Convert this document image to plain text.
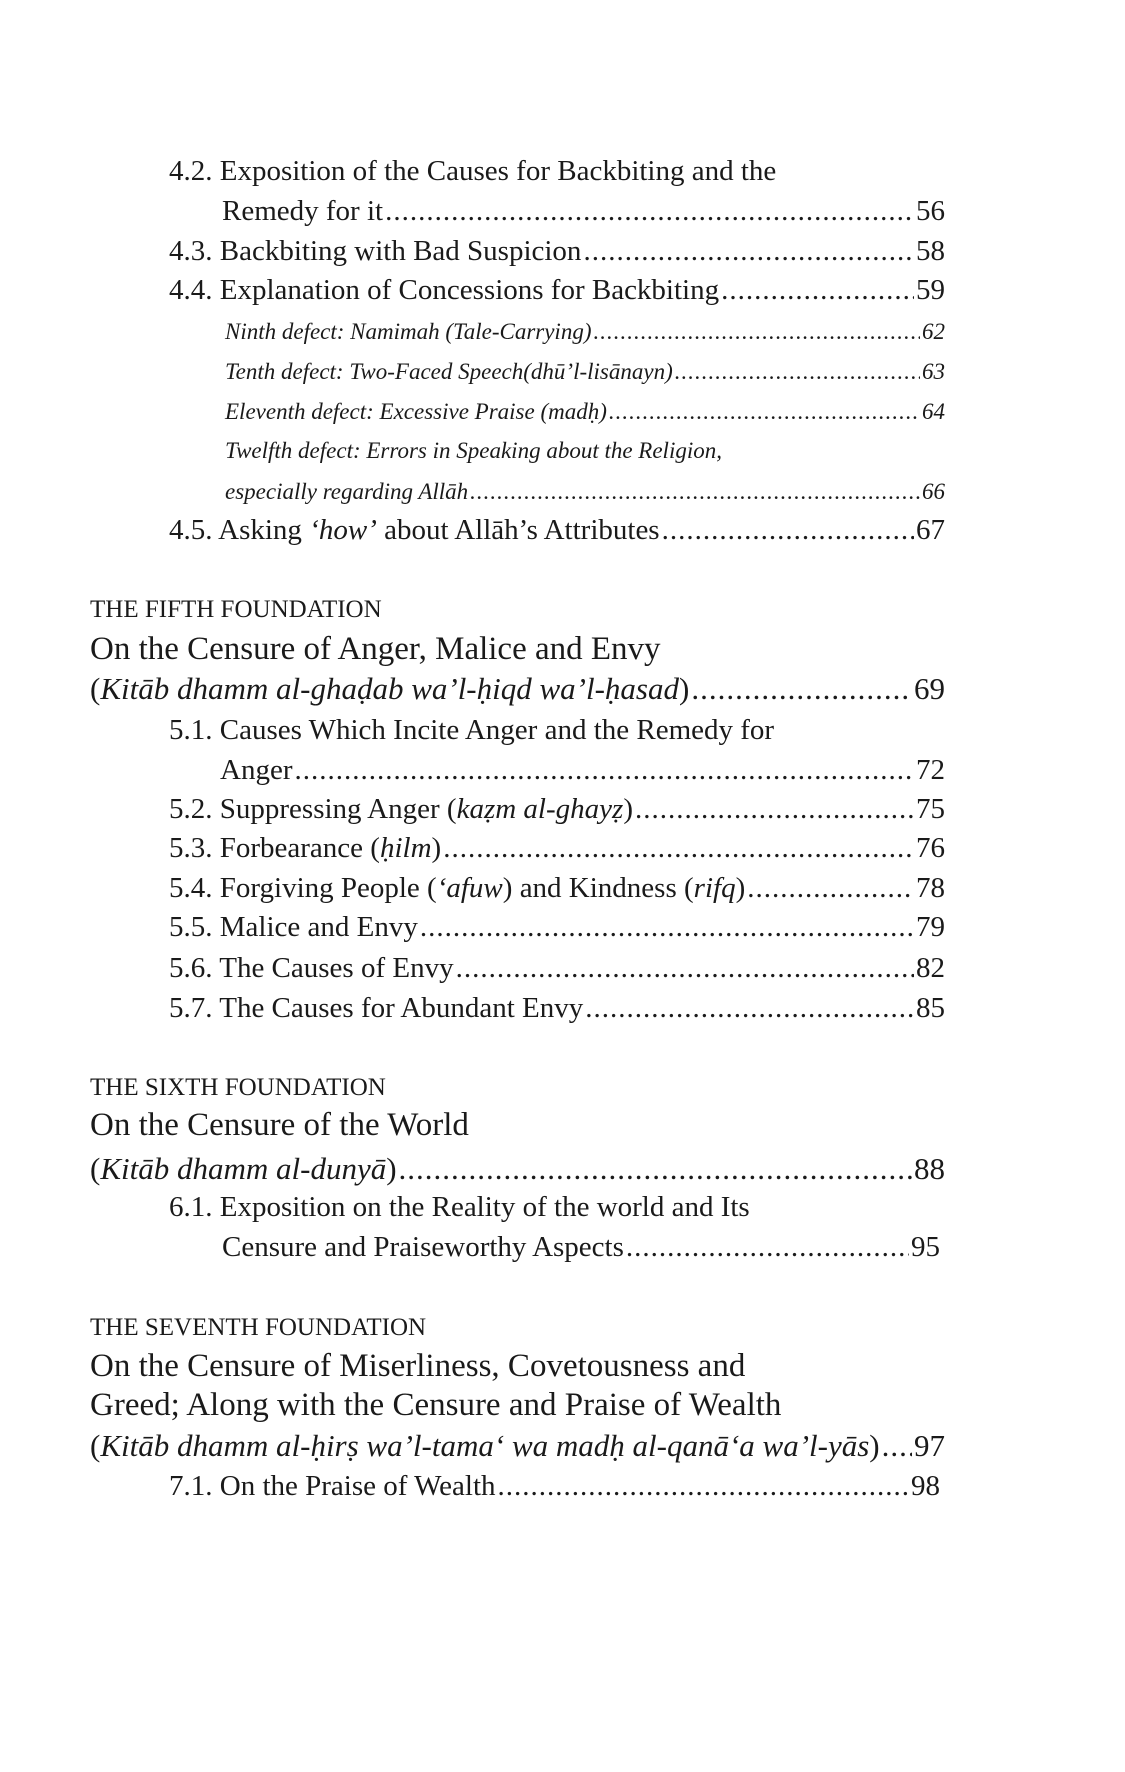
4.2. Exposition of the Causes for Backbiting and the
Remedy for it .....	56
4.3. Backbiting with Bad Suspicion .....	58
4.4. Explanation of Concessions for Backbiting .....	59
Ninth defect: Namimah (Tale-Carrying) .....	62
Tenth defect: Two-Faced Speech(dhū’l-lisānayn) .....	63
Eleventh defect: Excessive Praise (madḥ) .....	64
Twelfth defect: Errors in Speaking about the Religion,
especially regarding Allāh .....	66
4.5. Asking ‘how’ about Allāh’s Attributes .....	67
THE FIFTH FOUNDATION
On the Censure of Anger, Malice and Envy
(Kitāb dhamm al-ghaḍab wa’l-ḥiqd wa’l-ḥasad) .....	69
5.1. Causes Which Incite Anger and the Remedy for
Anger .....	72
5.2. Suppressing Anger (kaẓm al-ghayẓ) .....	75
5.3. Forbearance (ḥilm) .....	76
5.4. Forgiving People (‘afuw) and Kindness (rifq) .....	78
5.5. Malice and Envy .....	79
5.6. The Causes of Envy .....	82
5.7. The Causes for Abundant Envy .....	85
THE SIXTH FOUNDATION
On the Censure of the World
(Kitāb dhamm al-dunyā) .....	88
6.1. Exposition on the Reality of the world and Its
Censure and Praiseworthy Aspects .....	95
THE SEVENTH FOUNDATION
On the Censure of Miserliness, Covetousness and
Greed; Along with the Censure and Praise of Wealth
(Kitāb dhamm al-ḥirṣ wa’l-tama‘ wa madḥ al-qanā‘a wa’l-yās) ..... 97
7.1. On the Praise of Wealth .....	98
